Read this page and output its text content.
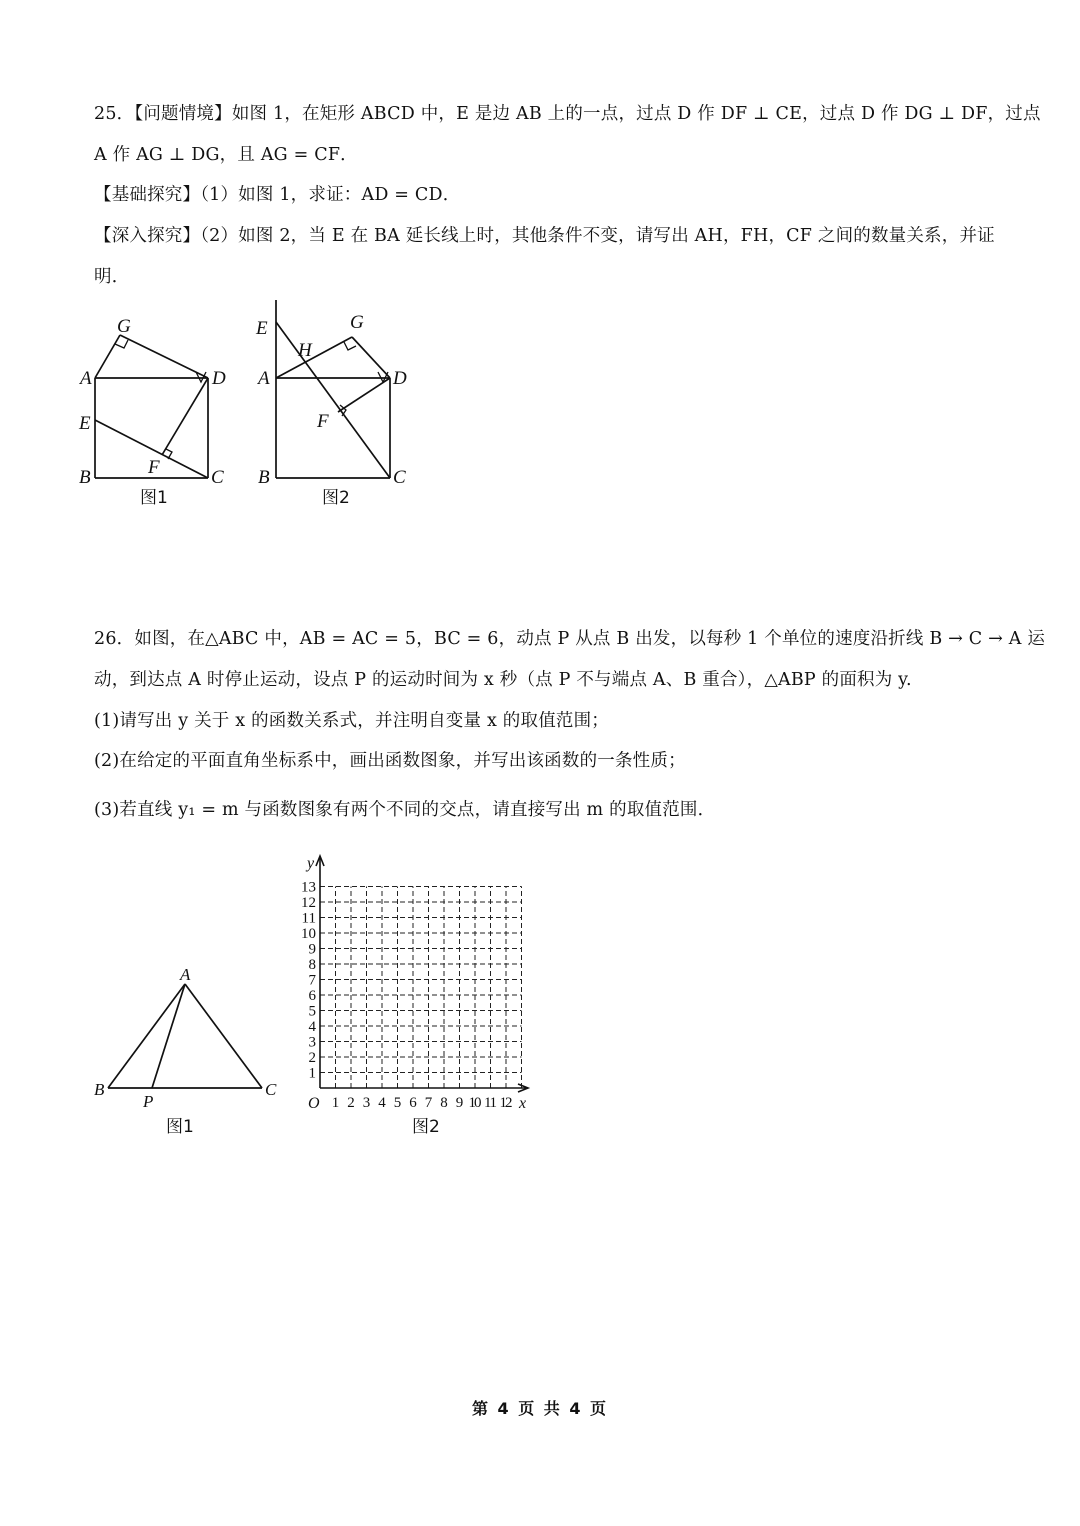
25．【问题情境】如图 1，在矩形 ABCD 中，E 是边 AB 上的一点，过点 D 作 DF ⊥ CE，过点 D 作 DG ⊥ DF，过点
A 作 AG ⊥ DG，且 AG = CF．
【基础探究】（1）如图 1，求证：AD = CD．
【深入探究】（2）如图 2，当 E 在 BA 延长线上时，其他条件不变，请写出 AH，FH，CF 之间的数量关系，并证
明．
G
A	D
E
F
B	C
图1
E
H
G
A	D
F
B	C
图2
26．如图，在△ABC 中，AB = AC = 5，BC = 6，动点 P 从点 B 出发，以每秒 1 个单位的速度沿折线 B → C → A 运
动，到达点 A 时停止运动，设点 P 的运动时间为 x 秒（点 P 不与端点 A、B 重合），△ABP 的面积为 y.
(1)请写出 y 关于 x 的函数关系式，并注明自变量 x 的取值范围；
(2)在给定的平面直角坐标系中，画出函数图象，并写出该函数的一条性质；
(3)若直线 y₁ = m 与函数图象有两个不同的交点，请直接写出 m 的取值范围．
A
B	C
P
图1
1 2 3 4 5 6 7 8 9 10 11 12
1
2
3
4
5
6
7
8
9
10
11
12
13
x
y
O
图2
第 4 页 共 4 页
